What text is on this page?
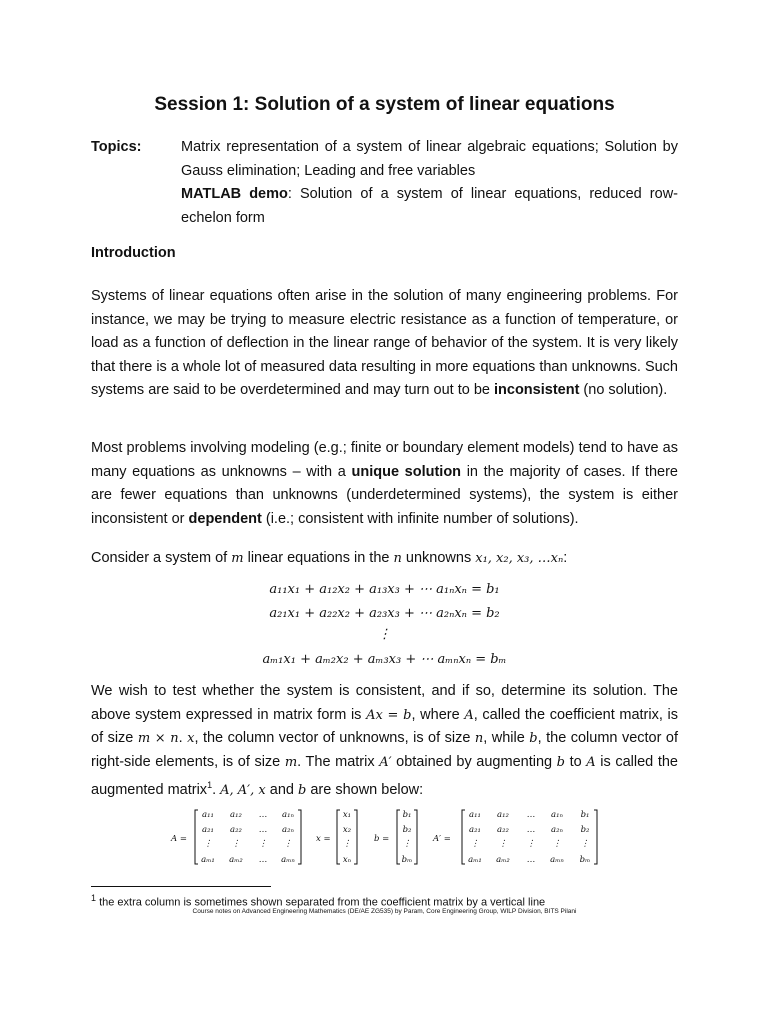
Session 1: Solution of a system of linear equations
Topics:	Matrix representation of a system of linear algebraic equations; Solution by Gauss elimination; Leading and free variables

MATLAB demo: Solution of a system of linear equations, reduced row-echelon form

Introduction

Systems of linear equations often arise in the solution of many engineering problems. For instance, we may be trying to measure electric resistance as a function of temperature, or load as a function of deflection in the linear range of behavior of the system. It is very likely that there is a whole lot of measured data resulting in more equations than unknowns. Such systems are said to be overdetermined and may turn out to be inconsistent (no solution).

Most problems involving modeling (e.g.; finite or boundary element models) tend to have as many equations as unknowns – with a unique solution in the majority of cases. If there are fewer equations than unknowns (underdetermined systems), the system is either inconsistent or dependent (i.e.; consistent with infinite number of solutions).

Consider a system of m linear equations in the n unknowns x₁, x₂, x₃, …xₙ:

a₁₁x₁ + a₁₂x₂ + a₁₃x₃ + ⋯ a₁ₙxₙ = b₁
a₂₁x₁ + a₂₂x₂ + a₂₃x₃ + ⋯ a₂ₙxₙ = b₂
⋮
aₘ₁x₁ + aₘ₂x₂ + aₘ₃x₃ + ⋯ aₘₙxₙ = bₘ

We wish to test whether the system is consistent, and if so, determine its solution. The above system expressed in matrix form is Ax = b, where A, called the coefficient matrix, is of size m × n. x, the column vector of unknowns, is of size n, while b, the column vector of right-side elements, is of size m. The matrix A′ obtained by augmenting b to A is called the augmented matrix$^1$. A, A′, x and b are shown below:

A =
a₁₁ a₁₂ … a₁ₙ
a₂₁ a₂₂ … a₂ₙ
⋮ ⋮ ⋮ ⋮
aₘ₁ aₘ₂ … aₘₙ
x =
x₁
x₂
⋮
xₙ
b =
b₁
b₂
⋮
bₘ
A′ =
a₁₁ a₁₂ … a₁ₙ b₁
a₂₁ a₂₂ … a₂ₙ b₂
⋮ ⋮ ⋮ ⋮ ⋮
aₘ₁ aₘ₂ … aₘₙ bₘ

$^1$ the extra column is sometimes shown separated from the coefficient matrix by a vertical line

Course notes on Advanced Engineering Mathematics (DE/AE ZG535) by Param, Core Engineering Group, WILP Division, BITS Pilani
